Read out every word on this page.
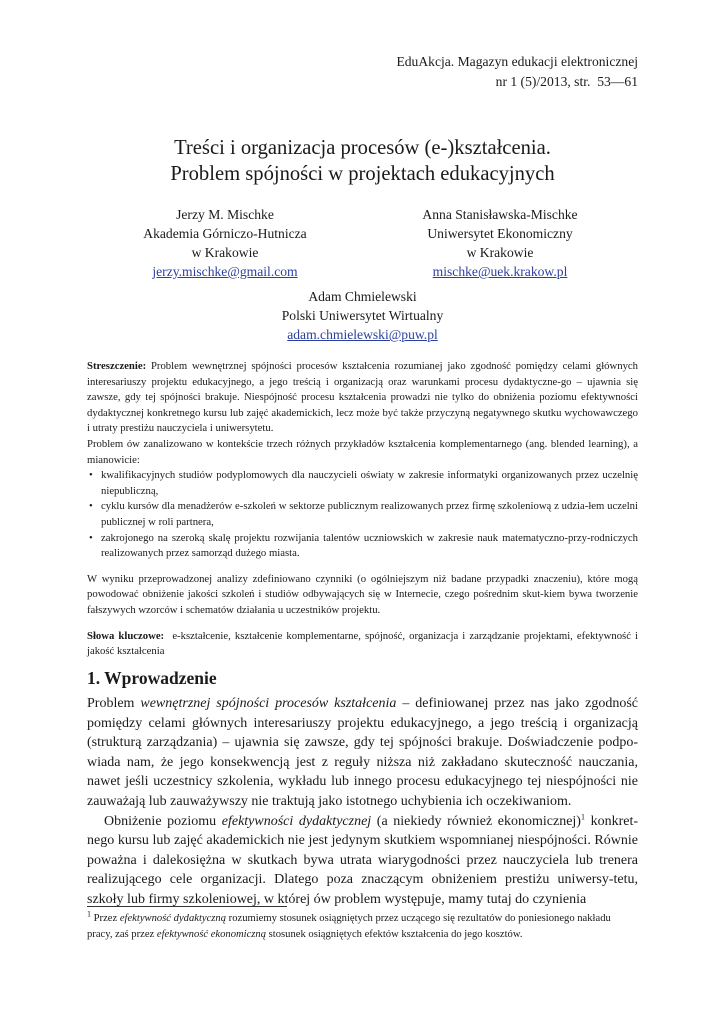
EduAkcja. Magazyn edukacji elektronicznej
nr 1 (5)/2013, str.  53—61
Treści i organizacja procesów (e-)kształcenia.
Problem spójności w projektach edukacyjnych
Jerzy M. Mischke
Akademia Górniczo-Hutnicza
w Krakowie
jerzy.mischke@gmail.com
Anna Stanisławska-Mischke
Uniwersytet Ekonomiczny
w Krakowie
mischke@uek.krakow.pl
Adam Chmielewski
Polski Uniwersytet Wirtualny
adam.chmielewski@puw.pl

Streszczenie: Problem wewnętrznej spójności procesów kształcenia rozumianej jako zgodność pomiędzy celami głównych interesariuszy projektu edukacyjnego, a jego treścią i organizacją oraz warunkami procesu dydaktyczne-go – ujawnia się zawsze, gdy tej spójności brakuje. Niespójność procesu kształcenia prowadzi nie tylko do obniżenia poziomu efektywności dydaktycznej konkretnego kursu lub zajęć akademickich, lecz może być także przyczyną negatywnego skutku wychowawczego i utraty prestiżu nauczyciela i uniwersytetu.

Problem ów zanalizowano w kontekście trzech różnych przykładów kształcenia komplementarnego (ang. blended learning), a mianowicie:

• kwalifikacyjnych studiów podyplomowych dla nauczycieli oświaty w zakresie informatyki organizowanych przez uczelnię niepubliczną,
• cyklu kursów dla menadżerów e-szkoleń w sektorze publicznym realizowanych przez firmę szkoleniową z udzia-łem uczelni publicznej w roli partnera,
• zakrojonego na szeroką skalę projektu rozwijania talentów uczniowskich w zakresie nauk matematyczno-przy-rodniczych realizowanych przez samorząd dużego miasta.

W wyniku przeprowadzonej analizy zdefiniowano czynniki (o ogólniejszym niż badane przypadki znaczeniu), które mogą powodować obniżenie jakości szkoleń i studiów odbywających się w Internecie, czego pośrednim skut-kiem bywa tworzenie fałszywych wzorców i schematów działania u uczestników projektu.

Słowa kluczowe: e-kształcenie, kształcenie komplementarne, spójność, organizacja i zarządzanie projektami, efektywność i jakość kształcenia

1. Wprowadzenie

Problem wewnętrznej spójności procesów kształcenia – definiowanej przez nas jako zgodność pomiędzy celami głównych interesariuszy projektu edukacyjnego, a jego treścią i organizacją (strukturą zarządzania) – ujawnia się zawsze, gdy tej spójności brakuje. Doświadczenie podpo-wiada nam, że jego konsekwencją jest z reguły niższa niż zakładano skuteczność nauczania, nawet jeśli uczestnicy szkolenia, wykładu lub innego procesu edukacyjnego tej niespójności nie zauważają lub zauważywszy nie traktują jako istotnego uchybienia ich oczekiwaniom.

Obniżenie poziomu efektywności dydaktycznej (a niekiedy również ekonomicznej)$^1$ konkret-nego kursu lub zajęć akademickich nie jest jedynym skutkiem wspomnianej niespójności. Równie poważna i dalekosiężna w skutkach bywa utrata wiarygodności przez nauczyciela lub trenera realizującego cele organizacji. Dlatego poza znaczącym obniżeniem prestiżu uniwersy-tetu, szkoły lub firmy szkoleniowej, w której ów problem występuje, mamy tutaj do czynienia

$^1$ Przez efektywność dydaktyczną rozumiemy stosunek osiągniętych przez uczącego się rezultatów do poniesionego nakładu pracy, zaś przez efektywność ekonomiczną stosunek osiągniętych efektów kształcenia do jego kosztów.
